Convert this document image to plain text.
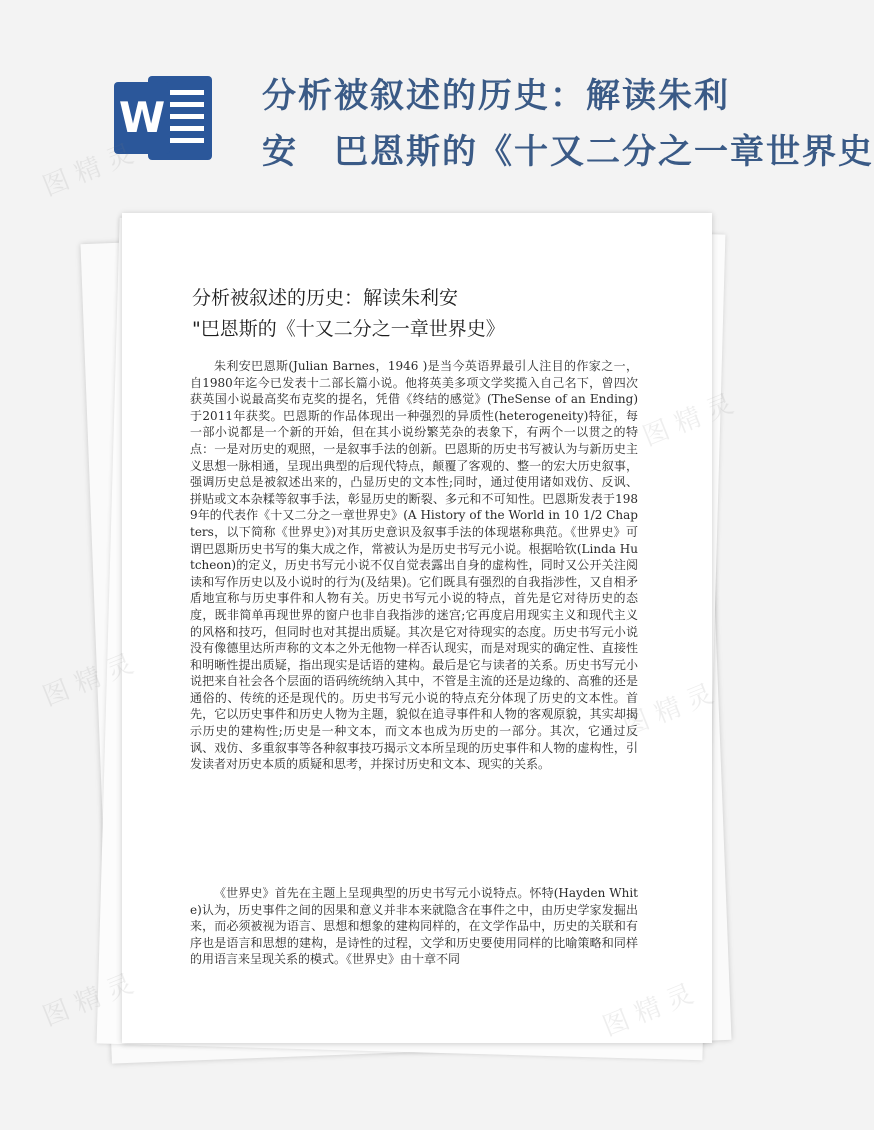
W	分析被叙述的历史：解读朱利
安　巴恩斯的《十又二分之一章世界史
分析被叙述的历史：解读朱利安
"巴恩斯的《十又二分之一章世界史》
朱利安巴恩斯(Julian Barnes，1946 )是当今英语界最引人注目的作家之一，自1980年迄今已发表十二部长篇小说。他将英美多项文学奖揽入自己名下，曾四次获英国小说最高奖布克奖的提名，凭借《终结的感觉》(TheSense of an Ending)于2011年获奖。巴恩斯的作品体现出一种强烈的异质性(heterogeneity)特征，每一部小说都是一个新的开始，但在其小说纷繁芜杂的表象下，有两个一以贯之的特点：一是对历史的观照，一是叙事手法的创新。巴恩斯的历史书写被认为与新历史主义思想一脉相通，呈现出典型的后现代特点，颠覆了客观的、整一的宏大历史叙事，强调历史总是被叙述出来的，凸显历史的文本性;同时，通过使用诸如戏仿、反讽、拼贴或文本杂糅等叙事手法，彰显历史的断裂、多元和不可知性。巴恩斯发表于1989年的代表作《十又二分之一章世界史》(A History of the World in 10 1/2 Chapters，以下简称《世界史》)对其历史意识及叙事手法的体现堪称典范。《世界史》可谓巴恩斯历史书写的集大成之作，常被认为是历史书写元小说。根据哈钦(Linda Hutcheon)的定义，历史书写元小说不仅自觉表露出自身的虚构性，同时又公开关注阅读和写作历史以及小说时的行为(及结果)。它们既具有强烈的自我指涉性，又自相矛盾地宣称与历史事件和人物有关。历史书写元小说的特点，首先是它对待历史的态度，既非简单再现世界的窗户也非自我指涉的迷宫;它再度启用现实主义和现代主义的风格和技巧，但同时也对其提出质疑。其次是它对待现实的态度。历史书写元小说没有像德里达所声称的文本之外无他物一样否认现实，而是对现实的确定性、直接性和明晰性提出质疑，指出现实是话语的建构。最后是它与读者的关系。历史书写元小说把来自社会各个层面的语码统统纳入其中，不管是主流的还是边缘的、高雅的还是通俗的、传统的还是现代的。历史书写元小说的特点充分体现了历史的文本性。首先，它以历史事件和历史人物为主题，貌似在追寻事件和人物的客观原貌，其实却揭示历史的建构性;历史是一种文本，而文本也成为历史的一部分。其次，它通过反讽、戏仿、多重叙事等各种叙事技巧揭示文本所呈现的历史事件和人物的虚构性，引发读者对历史本质的质疑和思考，并探讨历史和文本、现实的关系。
《世界史》首先在主题上呈现典型的历史书写元小说特点。怀特(Hayden White)认为，历史事件之间的因果和意义并非本来就隐含在事件之中，由历史学家发掘出来，而必须被视为语言、思想和想象的建构同样的，在文学作品中，历史的关联和有序也是语言和思想的建构，是诗性的过程，文学和历史要使用同样的比喻策略和同样的用语言来呈现关系的模式。《世界史》由十章不同
图 精 灵
图 精 灵
图 精 灵
